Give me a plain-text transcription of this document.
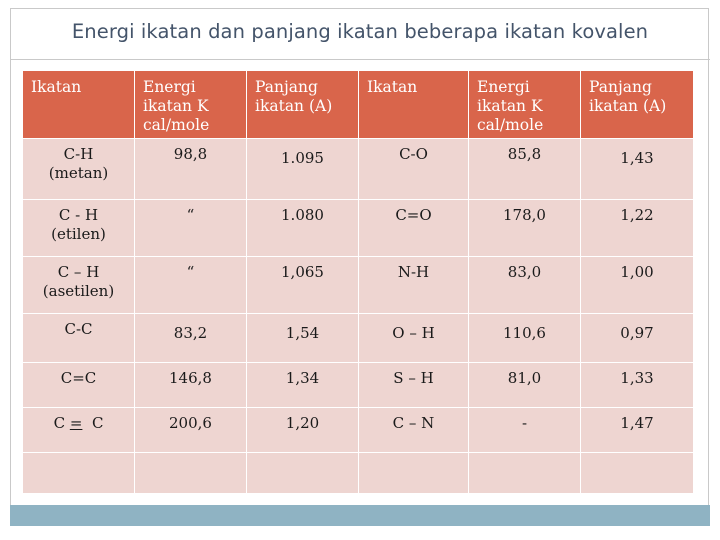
Energi ikatan dan panjang ikatan beberapa ikatan kovalen
Ikatan	Energi
ikatan K
cal/mole	Panjang
ikatan (A)	Ikatan	Energi
ikatan K
cal/mole	Panjang
ikatan (A)
C-H
(metan)	98,8	1.095	C-O	85,8	1,43
C - H
(etilen)	“	1.080	C=O	178,0	1,22
C – H
(asetilen)	“	1,065	N-H	83,0	1,00
C-C	83,2	1,54	O – H	110,6	0,97
C=C	146,8	1,34	S – H	81,0	1,33
C =  C	200,6	1,20	C – N	-	1,47
